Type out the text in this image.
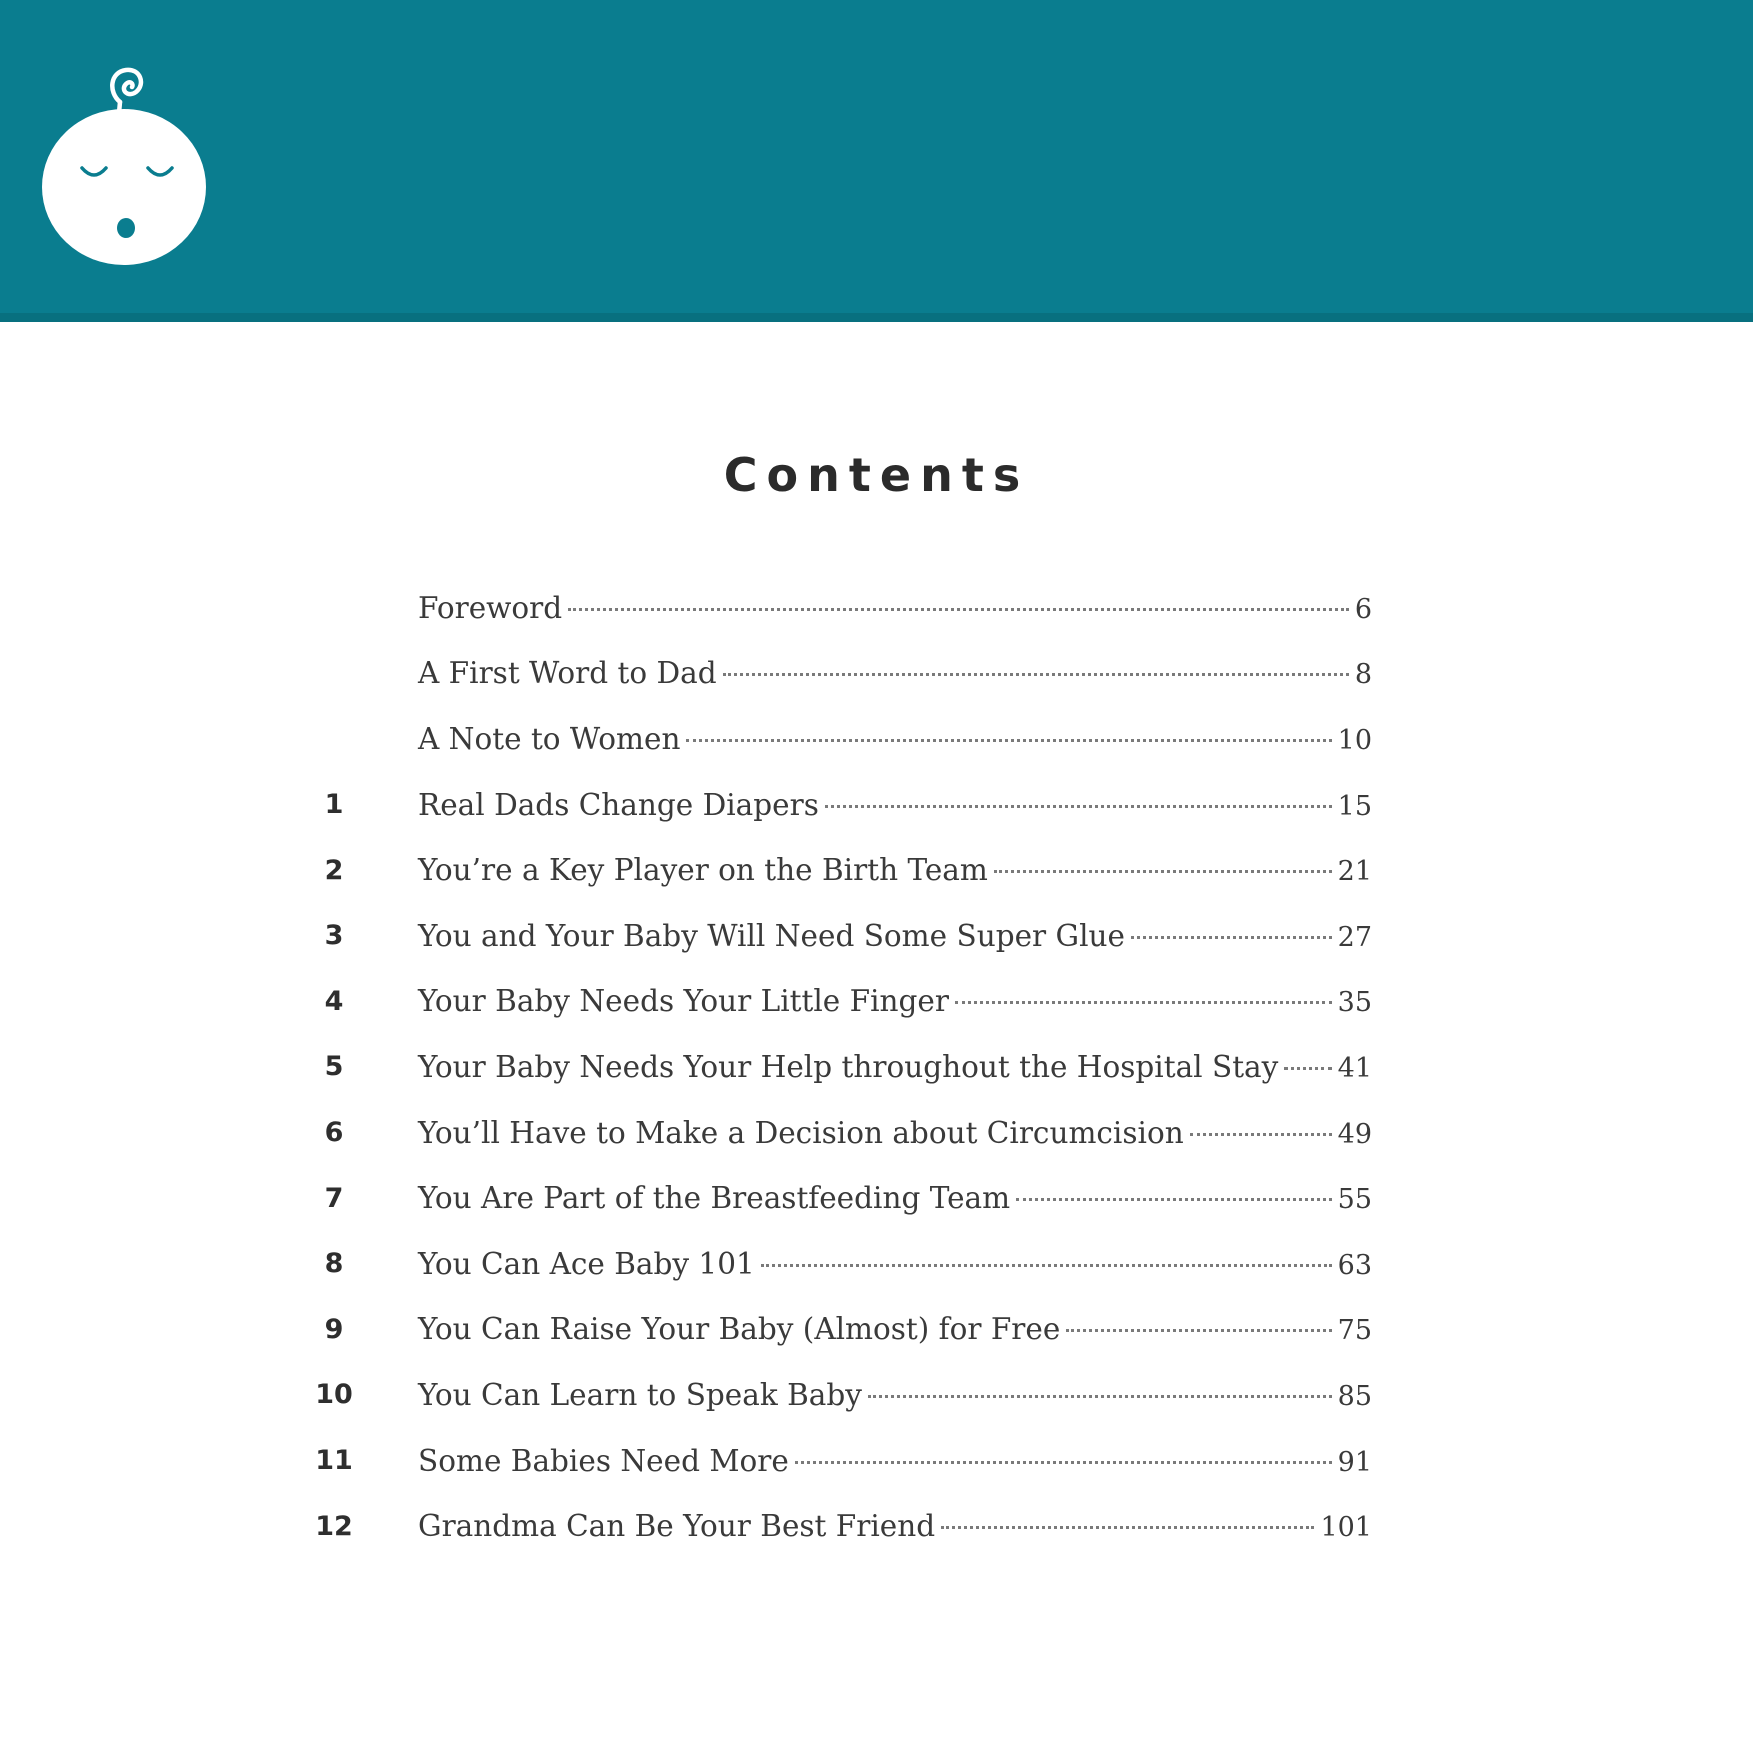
Contents
Foreword	6
A First Word to Dad	8
A Note to Women	10
1	Real Dads Change Diapers	15
2	You’re a Key Player on the Birth Team	21
3	You and Your Baby Will Need Some Super Glue	27
4	Your Baby Needs Your Little Finger	35
5	Your Baby Needs Your Help throughout the Hospital Stay 41
6	You’ll Have to Make a Decision about Circumcision	49
7	You Are Part of the Breastfeeding Team	55
8	You Can Ace Baby 101	63
9	You Can Raise Your Baby (Almost) for Free	75
10	You Can Learn to Speak Baby	85
11	Some Babies Need More	91
12	Grandma Can Be Your Best Friend	101
